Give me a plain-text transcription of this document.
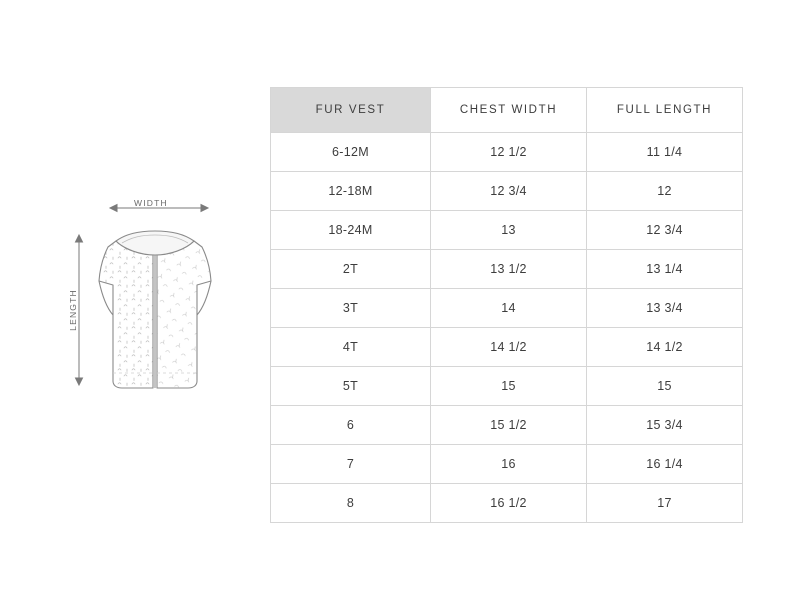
WIDTH
LENGTH
FUR VEST	CHEST WIDTH	FULL LENGTH
6-12M	12 1/2	11 1/4
12-18M	12 3/4	12
18-24M	13	12 3/4
2T	13 1/2	13 1/4
3T	14	13 3/4
4T	14 1/2	14 1/2
5T	15	15
6	15 1/2	15 3/4
7	16	16 1/4
8	16 1/2	17
